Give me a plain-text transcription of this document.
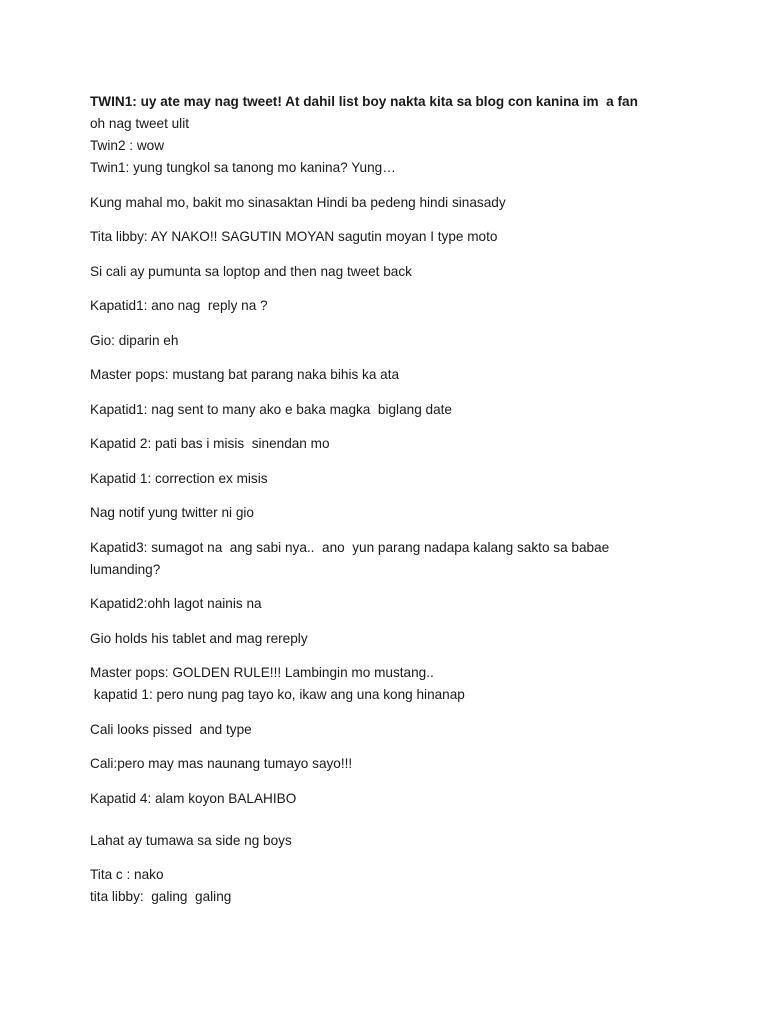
TWIN1: uy ate may nag tweet! At dahil list boy nakta kita sa blog con kanina im  a fan
oh nag tweet ulit
Twin2 : wow
Twin1: yung tungkol sa tanong mo kanina? Yung…
Kung mahal mo, bakit mo sinasaktan Hindi ba pedeng hindi sinasady
Tita libby: AY NAKO!! SAGUTIN MOYAN sagutin moyan I type moto
Si cali ay pumunta sa loptop and then nag tweet back
Kapatid1: ano nag  reply na ?
Gio: diparin eh
Master pops: mustang bat parang naka bihis ka ata
Kapatid1: nag sent to many ako e baka magka  biglang date
Kapatid 2: pati bas i misis  sinendan mo
Kapatid 1: correction ex misis
Nag notif yung twitter ni gio
Kapatid3: sumagot na  ang sabi nya..  ano  yun parang nadapa kalang sakto sa babae
lumanding?
Kapatid2:ohh lagot nainis na
Gio holds his tablet and mag rereply
Master pops: GOLDEN RULE!!! Lambingin mo mustang..
kapatid 1: pero nung pag tayo ko, ikaw ang una kong hinanap
Cali looks pissed  and type
Cali:pero may mas naunang tumayo sayo!!!
Kapatid 4: alam koyon BALAHIBO
Lahat ay tumawa sa side ng boys
Tita c : nako
tita libby:  galing  galing
